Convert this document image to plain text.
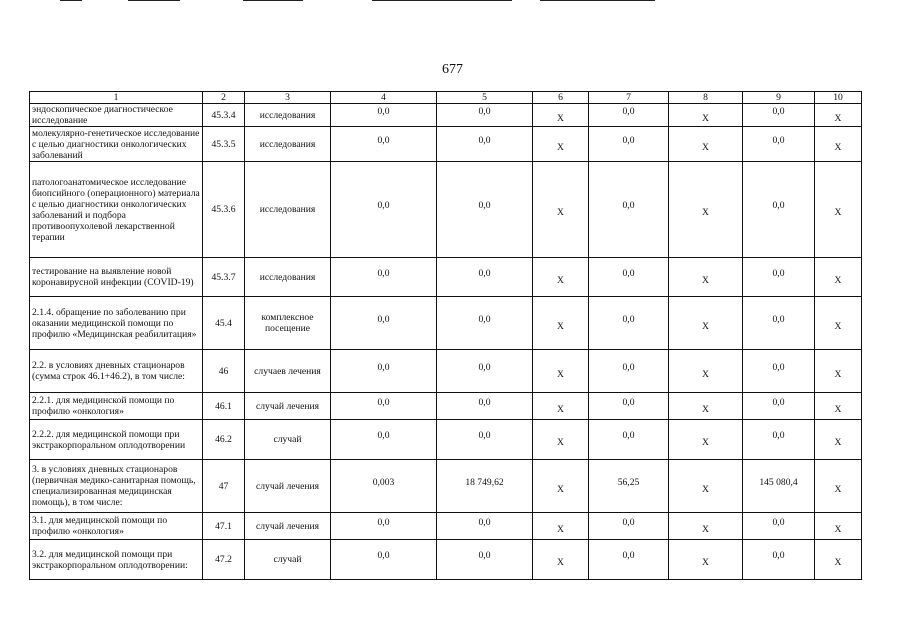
677
1	2	3	4	5	6	7	8	9	10
эндоскопическое диагностическое исследование	45.3.4	исследования	0,0	0,0	X	0,0	X	0,0	X
молекулярно-генетическое исследование с целью диагностики онкологических заболеваний	45.3.5	исследования	0,0	0,0	X	0,0	X	0,0	X
патологоанатомическое исследование биопсийного (операционного) материала с целью диагностики онкологических заболеваний и подбора противоопухолевой лекарственной терапии	45.3.6	исследования	0,0	0,0	X	0,0	X	0,0	X
тестирование на выявление новой коронавирусной инфекции (COVID-19)	45.3.7	исследования	0,0	0,0	X	0,0	X	0,0	X
2.1.4. обращение по заболеванию при оказании медицинской помощи по профилю «Медицинская реабилитация»	45.4	комплексное посещение	0,0	0,0	X	0,0	X	0,0	X
2.2. в условиях дневных стационаров (сумма строк 46.1+46.2), в том числе:	46	случаев лечения	0,0	0,0	X	0,0	X	0,0	X
2.2.1. для медицинской помощи по профилю «онкология»	46.1	случай лечения	0,0	0,0	X	0,0	X	0,0	X
2.2.2. для медицинской помощи при экстракорпоральном оплодотворении	46.2	случай	0,0	0,0	X	0,0	X	0,0	X
3. в условиях дневных стационаров (первичная медико-санитарная помощь, специализированная медицинская помощь), в том числе:	47	случай лечения	0,003	18 749,62	X	56,25	X	145 080,4	X
3.1. для медицинской помощи по профилю «онкология»	47.1	случай лечения	0,0	0,0	X	0,0	X	0,0	X
3.2. для медицинской помощи при экстракорпоральном оплодотворении:	47.2	случай	0,0	0,0	X	0,0	X	0,0	X
